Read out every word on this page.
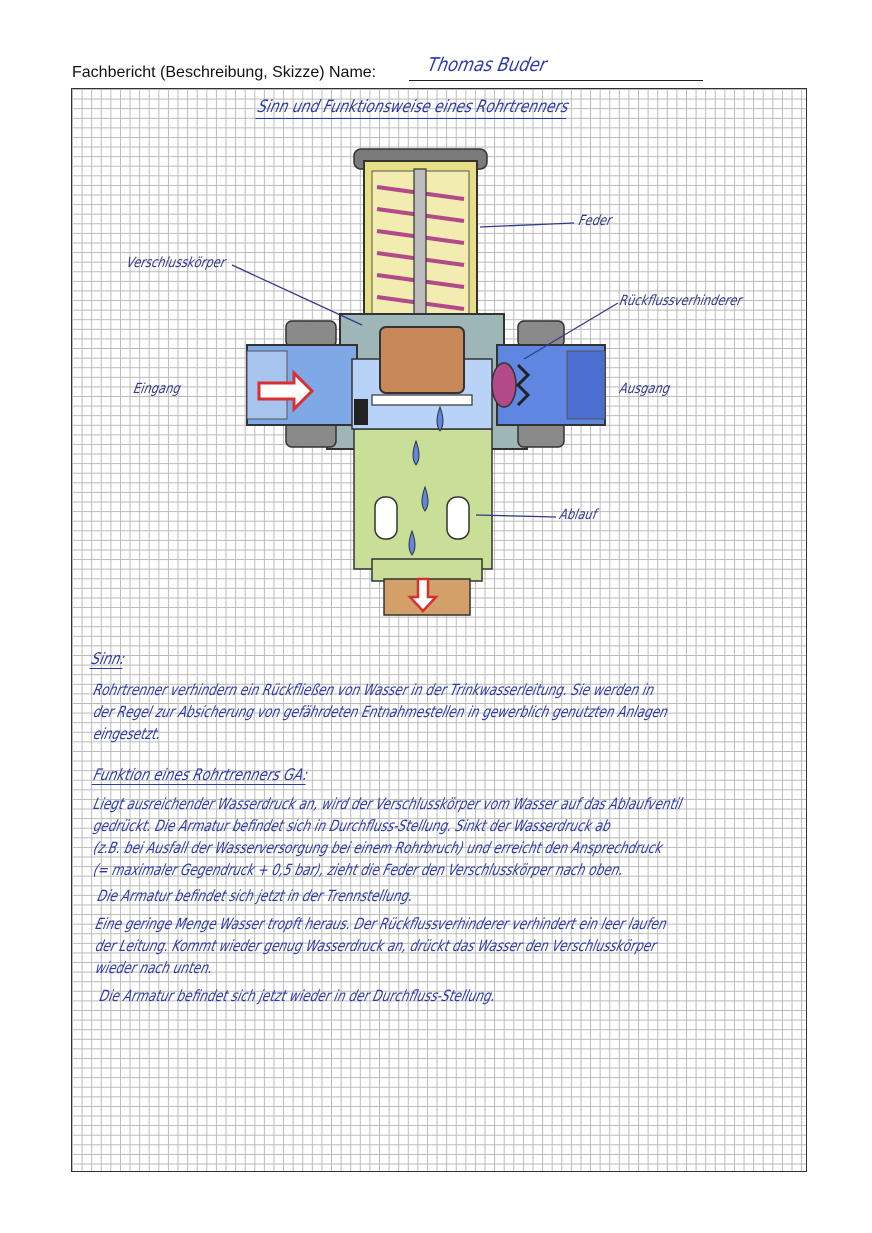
Fachbericht (Beschreibung, Skizze) Name:	Thomas Buder
Sinn und Funktionsweise eines Rohrtrenners
Feder
Verschlusskörper
Rückflussverhinderer
Eingang	Ausgang
Ablauf
Sinn:
Rohrtrenner verhindern ein Rückfließen von Wasser in der Trinkwasserleitung. Sie werden in
der Regel zur Absicherung von gefährdeten Entnahmestellen in gewerblich genutzten Anlagen
eingesetzt.
Funktion eines Rohrtrenners GA:
Liegt ausreichender Wasserdruck an, wird der Verschlusskörper vom Wasser auf das Ablaufventil
gedrückt. Die Armatur befindet sich in Durchfluss-Stellung. Sinkt der Wasserdruck ab
(z.B. bei Ausfall der Wasserversorgung bei einem Rohrbruch) und erreicht den Ansprechdruck
(= maximaler Gegendruck + 0,5 bar), zieht die Feder den Verschlusskörper nach oben.
Die Armatur befindet sich jetzt in der Trennstellung.
Eine geringe Menge Wasser tropft heraus. Der Rückflussverhinderer verhindert ein leer laufen
der Leitung. Kommt wieder genug Wasserdruck an, drückt das Wasser den Verschlusskörper
wieder nach unten.
Die Armatur befindet sich jetzt wieder in der Durchfluss-Stellung.
